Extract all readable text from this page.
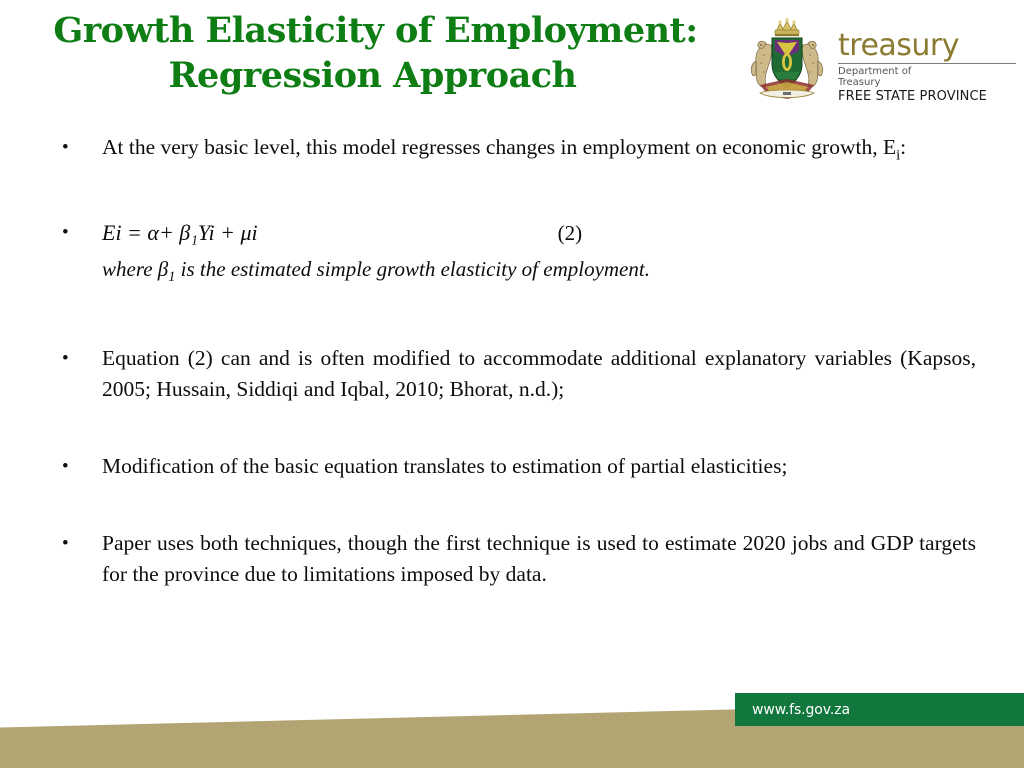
Growth Elasticity of Employment:
Regression Approach
treasury
Department of
Treasury
FREE STATE PROVINCE
•	At the very basic level, this model regresses changes in employment on economic growth, $E_i$:
•	Ei = α+ β₁Yi + μi	(2)
where $\beta_1$ is the estimated simple growth elasticity of employment.
•	Equation (2) can and is often modified to accommodate additional explanatory variables (Kapsos, 2005; Hussain, Siddiqi and Iqbal, 2010; Bhorat, n.d.);
•	Modification of the basic equation translates to estimation of partial elasticities;
•	Paper uses both techniques, though the first technique is used to estimate 2020 jobs and GDP targets for the province due to limitations imposed by data.
www.fs.gov.za
